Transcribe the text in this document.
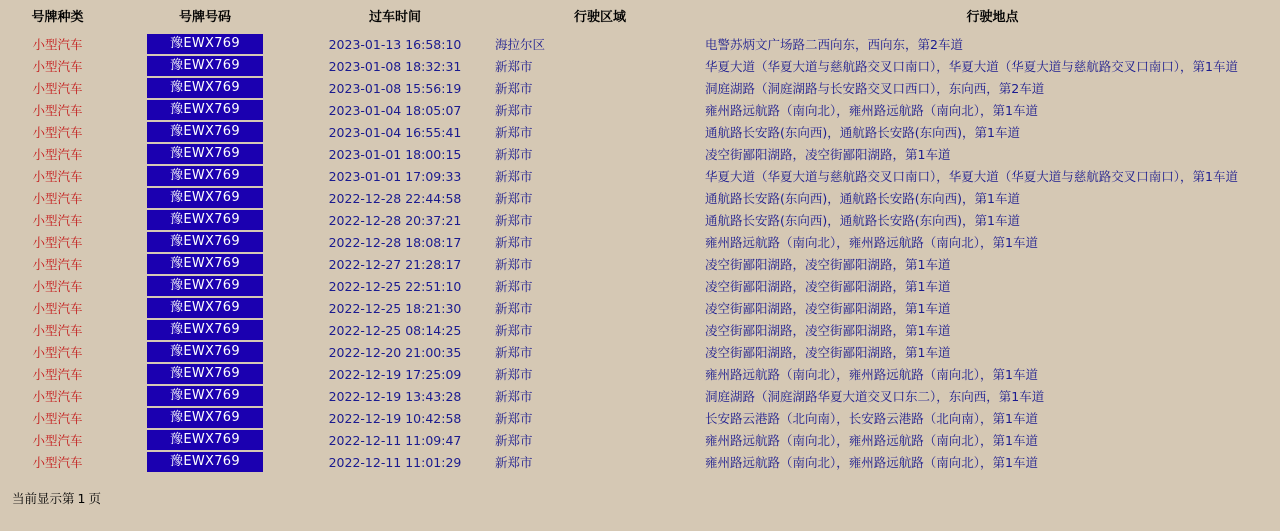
号牌种类	号牌号码	过车时间	行驶区域	行驶地点
小型汽车	豫EWX769	2023-01-13 16:58:10	海拉尔区	电警苏炳文广场路二西向东，西向东，第2车道
小型汽车	豫EWX769	2023-01-08 18:32:31	新郑市	华夏大道（华夏大道与慈航路交叉口南口），华夏大道（华夏大道与慈航路交叉口南口），第1车道
小型汽车	豫EWX769	2023-01-08 15:56:19	新郑市	洞庭湖路（洞庭湖路与长安路交叉口西口），东向西，第2车道
小型汽车	豫EWX769	2023-01-04 18:05:07	新郑市	雍州路远航路（南向北），雍州路远航路（南向北），第1车道
小型汽车	豫EWX769	2023-01-04 16:55:41	新郑市	通航路长安路(东向西)，通航路长安路(东向西)，第1车道
小型汽车	豫EWX769	2023-01-01 18:00:15	新郑市	凌空街鄙阳湖路，凌空街鄙阳湖路，第1车道
小型汽车	豫EWX769	2023-01-01 17:09:33	新郑市	华夏大道（华夏大道与慈航路交叉口南口），华夏大道（华夏大道与慈航路交叉口南口），第1车道
小型汽车	豫EWX769	2022-12-28 22:44:58	新郑市	通航路长安路(东向西)，通航路长安路(东向西)，第1车道
小型汽车	豫EWX769	2022-12-28 20:37:21	新郑市	通航路长安路(东向西)，通航路长安路(东向西)，第1车道
小型汽车	豫EWX769	2022-12-28 18:08:17	新郑市	雍州路远航路（南向北），雍州路远航路（南向北），第1车道
小型汽车	豫EWX769	2022-12-27 21:28:17	新郑市	凌空街鄙阳湖路，凌空街鄙阳湖路，第1车道
小型汽车	豫EWX769	2022-12-25 22:51:10	新郑市	凌空街鄙阳湖路，凌空街鄙阳湖路，第1车道
小型汽车	豫EWX769	2022-12-25 18:21:30	新郑市	凌空街鄙阳湖路，凌空街鄙阳湖路，第1车道
小型汽车	豫EWX769	2022-12-25 08:14:25	新郑市	凌空街鄙阳湖路，凌空街鄙阳湖路，第1车道
小型汽车	豫EWX769	2022-12-20 21:00:35	新郑市	凌空街鄙阳湖路，凌空街鄙阳湖路，第1车道
小型汽车	豫EWX769	2022-12-19 17:25:09	新郑市	雍州路远航路（南向北），雍州路远航路（南向北），第1车道
小型汽车	豫EWX769	2022-12-19 13:43:28	新郑市	洞庭湖路（洞庭湖路华夏大道交叉口东二），东向西，第1车道
小型汽车	豫EWX769	2022-12-19 10:42:58	新郑市	长安路云港路（北向南），长安路云港路（北向南），第1车道
小型汽车	豫EWX769	2022-12-11 11:09:47	新郑市	雍州路远航路（南向北），雍州路远航路（南向北），第1车道
小型汽车	豫EWX769	2022-12-11 11:01:29	新郑市	雍州路远航路（南向北），雍州路远航路（南向北），第1车道
当前显示第 1 页
